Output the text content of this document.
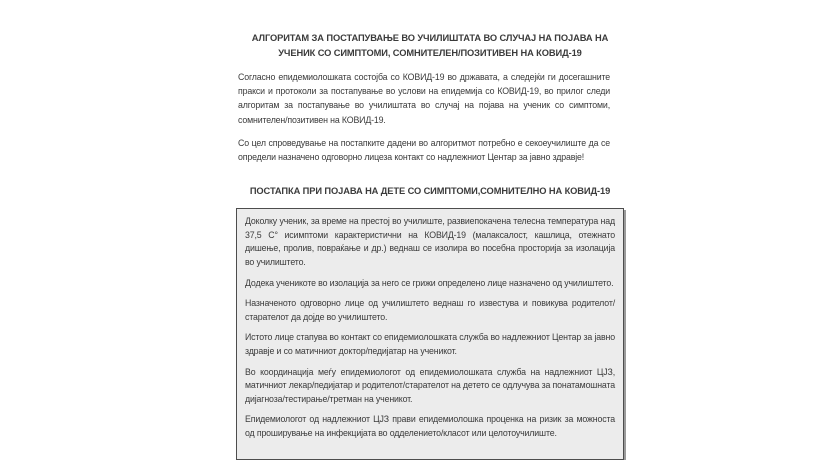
АЛГОРИТАМ ЗА ПОСТАПУВАЊЕ ВО УЧИЛИШТАТА ВО СЛУЧАЈ НА ПОЈАВА НА УЧЕНИК СО СИМПТОМИ, СОМНИТЕЛЕН/ПОЗИТИВЕН НА КОВИД-19

Согласно епидемиолошката состојба со КОВИД-19 во државата, а следејќи ги досегашните пракси и протоколи за постапување во услови на епидемија со КОВИД-19, во прилог следи алгоритам за постапување во училиштата во случај на појава на ученик со симптоми, сомнителен/позитивен на КОВИД-19.

Со цел спроведување на постапките дадени во алгоритмот потребно е секоеучилиште да се определи назначено одговорно лицеза контакт со надлежниот Центар за јавно здравје!

ПОСТАПКА ПРИ ПОЈАВА НА ДЕТЕ СО СИМПТОМИ,СОМНИТЕЛНО НА КОВИД-19

Доколку ученик, за време на престој во училиште, развиепокачена телесна температура над 37,5 С° исимптоми карактеристични на КОВИД-19 (малаксалост, кашлица, отежнато дишење, пролив, повраќање и др.) веднаш се изолира во посебна просторија за изолација во училиштето.

Додека ученикоте во изолација за него се грижи определено лице назначено од училиштето.

Назначеното одговорно лице од училиштето веднаш го известува и повикува родителот/старателот да дојде во училиштето.

Истото лице стапува во контакт со епидемиолошката служба во надлежниот Центар за јавно здравје и со матичниот доктор/педијатар на ученикот.

Во координација меѓу епидемиологот од епидемиолошката служба на надлежниот ЦЈЗ, матичниот лекар/педијатар и родителот/старателот на детето се одлучува за понатамошната дијагноза/тестирање/третман на ученикот.

Епидемиологот од надлежниот ЦЈЗ прави епидемиолошка проценка на ризик за можноста од проширување на инфекцијата во одделението/класот или целотоучилиште.
